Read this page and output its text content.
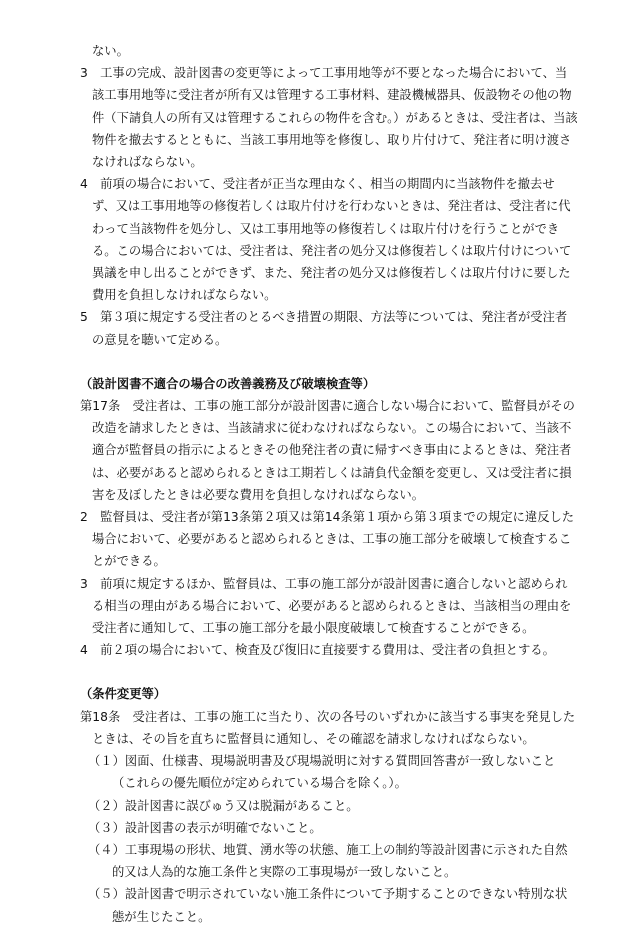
ない。
3　工事の完成、設計図書の変更等によって工事用地等が不要となった場合において、当該工事用地等に受注者が所有又は管理する工事材料、建設機械器具、仮設物その他の物件（下請負人の所有又は管理するこれらの物件を含む。）があるときは、受注者は、当該物件を撤去するとともに、当該工事用地等を修復し、取り片付けて、発注者に明け渡さなければならない。
4　前項の場合において、受注者が正当な理由なく、相当の期間内に当該物件を撤去せず、又は工事用地等の修復若しくは取片付けを行わないときは、発注者は、受注者に代わって当該物件を処分し、又は工事用地等の修復若しくは取片付けを行うことができる。この場合においては、受注者は、発注者の処分又は修復若しくは取片付けについて異議を申し出ることができず、また、発注者の処分又は修復若しくは取片付けに要した費用を負担しなければならない。
5　第３項に規定する受注者のとるべき措置の期限、方法等については、発注者が受注者の意見を聴いて定める。
（設計図書不適合の場合の改善義務及び破壊検査等）
第17条　受注者は、工事の施工部分が設計図書に適合しない場合において、監督員がその改造を請求したときは、当該請求に従わなければならない。この場合において、当該不適合が監督員の指示によるときその他発注者の責に帰すべき事由によるときは、発注者は、必要があると認められるときは工期若しくは請負代金額を変更し、又は受注者に損害を及ぼしたときは必要な費用を負担しなければならない。
2　監督員は、受注者が第13条第２項又は第14条第１項から第３項までの規定に違反した場合において、必要があると認められるときは、工事の施工部分を破壊して検査することができる。
3　前項に規定するほか、監督員は、工事の施工部分が設計図書に適合しないと認められる相当の理由がある場合において、必要があると認められるときは、当該相当の理由を受注者に通知して、工事の施工部分を最小限度破壊して検査することができる。
4　前２項の場合において、検査及び復旧に直接要する費用は、受注者の負担とする。
（条件変更等）
第18条　受注者は、工事の施工に当たり、次の各号のいずれかに該当する事実を発見したときは、その旨を直ちに監督員に通知し、その確認を請求しなければならない。
（１）図面、仕様書、現場説明書及び現場説明に対する質問回答書が一致しないこと（これらの優先順位が定められている場合を除く。）。
（２）設計図書に誤びゅう又は脱漏があること。
（３）設計図書の表示が明確でないこと。
（４）工事現場の形状、地質、湧水等の状態、施工上の制約等設計図書に示された自然的又は人為的な施工条件と実際の工事現場が一致しないこと。
（５）設計図書で明示されていない施工条件について予期することのできない特別な状態が生じたこと。
